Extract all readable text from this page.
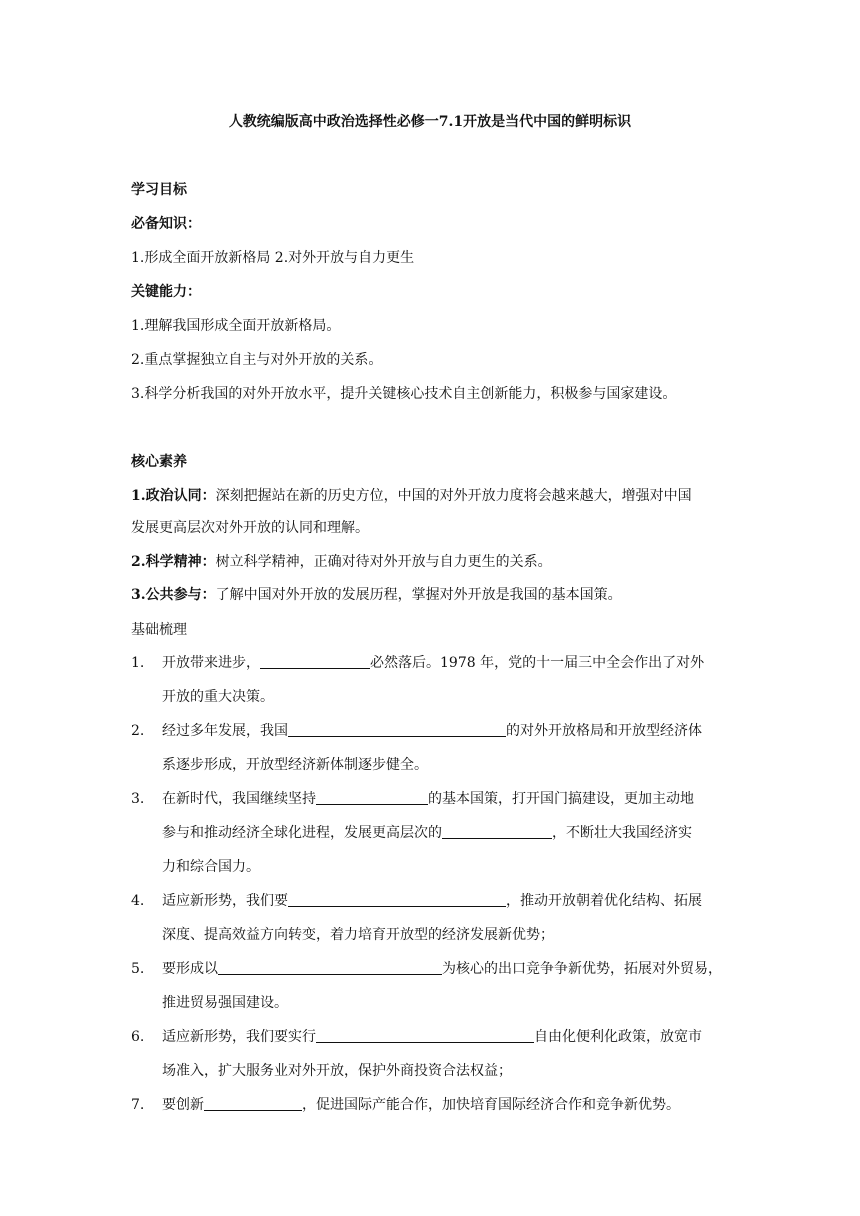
人教统编版高中政治选择性必修一7.1开放是当代中国的鲜明标识
学习目标
必备知识：
1.形成全面开放新格局 2.对外开放与自力更生
关键能力：
1.理解我国形成全面开放新格局。
2.重点掌握独立自主与对外开放的关系。
3.科学分析我国的对外开放水平，提升关键核心技术自主创新能力，积极参与国家建设。
核心素养
1.政治认同：深刻把握站在新的历史方位，中国的对外开放力度将会越来越大，增强对中国
发展更高层次对外开放的认同和理解。
2.科学精神：树立科学精神，正确对待对外开放与自力更生的关系。
3.公共参与：了解中国对外开放的发展历程，掌握对外开放是我国的基本国策。
基础梳理
1. 开放带来进步，	必然落后。1978 年，党的十一届三中全会作出了对外
开放的重大决策。
2. 经过多年发展，我国	的对外开放格局和开放型经济体
系逐步形成，开放型经济新体制逐步健全。
3. 在新时代，我国继续坚持	的基本国策，打开国门搞建设，更加主动地
参与和推动经济全球化进程，发展更高层次的	，不断壮大我国经济实
力和综合国力。
4. 适应新形势，我们要	，推动开放朝着优化结构、拓展
深度、提高效益方向转变，着力培育开放型的经济发展新优势；
5. 要形成以	为核心的出口竞争争新优势，拓展对外贸易，
推进贸易强国建设。
6. 适应新形势，我们要实行	自由化便利化政策，放宽市
场准入，扩大服务业对外开放，保护外商投资合法权益；
7. 要创新	，促进国际产能合作，加快培育国际经济合作和竞争新优势。
